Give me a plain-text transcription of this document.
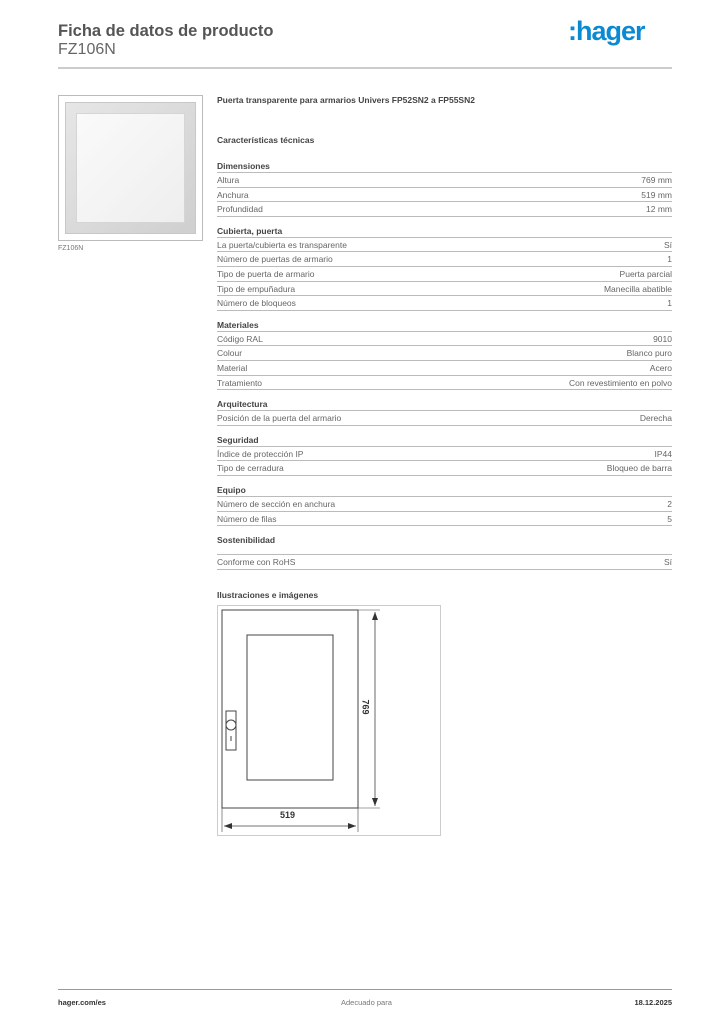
Ficha de datos de producto
FZ106N
:hager
FZ106N
Puerta transparente para armarios Univers FP52SN2 a FP55SN2
Características técnicas
Dimensiones
Altura	769 mm
Anchura	519 mm
Profundidad	12 mm
Cubierta, puerta
La puerta/cubierta es transparente	Sí
Número de puertas de armario	1
Tipo de puerta de armario	Puerta parcial
Tipo de empuñadura	Manecilla abatible
Número de bloqueos	1
Materiales
Código RAL	9010
Colour	Blanco puro
Material	Acero
Tratamiento	Con revestimiento en polvo
Arquitectura
Posición de la puerta del armario	Derecha
Seguridad
Índice de protección IP	IP44
Tipo de cerradura	Bloqueo de barra
Equipo
Número de sección en anchura	2
Número de filas	5
Sostenibilidad
Conforme con RoHS	Sí
Ilustraciones e imágenes
769
519
hager.com/es	Adecuado para	18.12.2025
